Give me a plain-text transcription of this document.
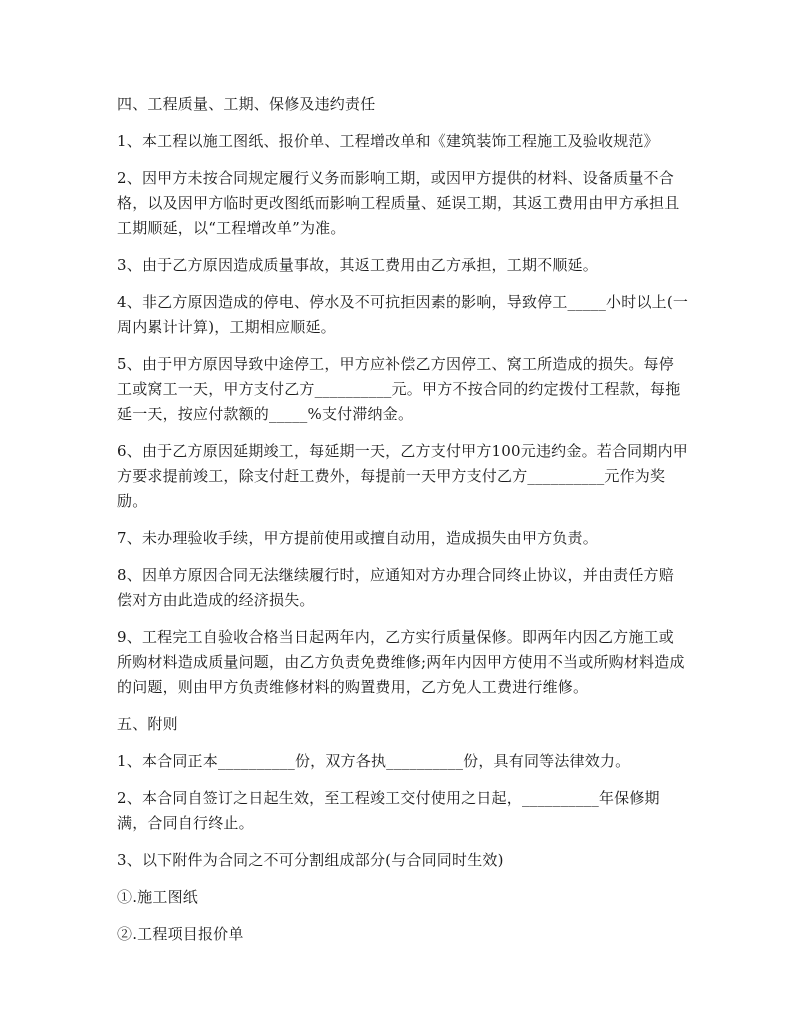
四、工程质量、工期、保修及违约责任

1、本工程以施工图纸、报价单、工程增改单和《建筑装饰工程施工及验收规范》

2、因甲方未按合同规定履行义务而影响工期，或因甲方提供的材料、设备质量不合格，以及因甲方临时更改图纸而影响工程质量、延误工期，其返工费用由甲方承担且工期顺延，以“工程增改单”为准。

3、由于乙方原因造成质量事故，其返工费用由乙方承担，工期不顺延。

4、非乙方原因造成的停电、停水及不可抗拒因素的影响，导致停工_____小时以上(一周内累计计算)，工期相应顺延。

5、由于甲方原因导致中途停工，甲方应补偿乙方因停工、窝工所造成的损失。每停工或窝工一天，甲方支付乙方__________元。甲方不按合同的约定拨付工程款，每拖延一天，按应付款额的_____%支付滞纳金。

6、由于乙方原因延期竣工，每延期一天，乙方支付甲方100元违约金。若合同期内甲方要求提前竣工，除支付赶工费外，每提前一天甲方支付乙方__________元作为奖励。

7、未办理验收手续，甲方提前使用或擅自动用，造成损失由甲方负责。

8、因单方原因合同无法继续履行时，应通知对方办理合同终止协议，并由责任方赔偿对方由此造成的经济损失。

9、工程完工自验收合格当日起两年内，乙方实行质量保修。即两年内因乙方施工或所购材料造成质量问题，由乙方负责免费维修;两年内因甲方使用不当或所购材料造成的问题，则由甲方负责维修材料的购置费用，乙方免人工费进行维修。

五、附则

1、本合同正本__________份，双方各执__________份，具有同等法律效力。

2、本合同自签订之日起生效，至工程竣工交付使用之日起，__________年保修期满，合同自行终止。

3、以下附件为合同之不可分割组成部分(与合同同时生效)

①.施工图纸

②.工程项目报价单
